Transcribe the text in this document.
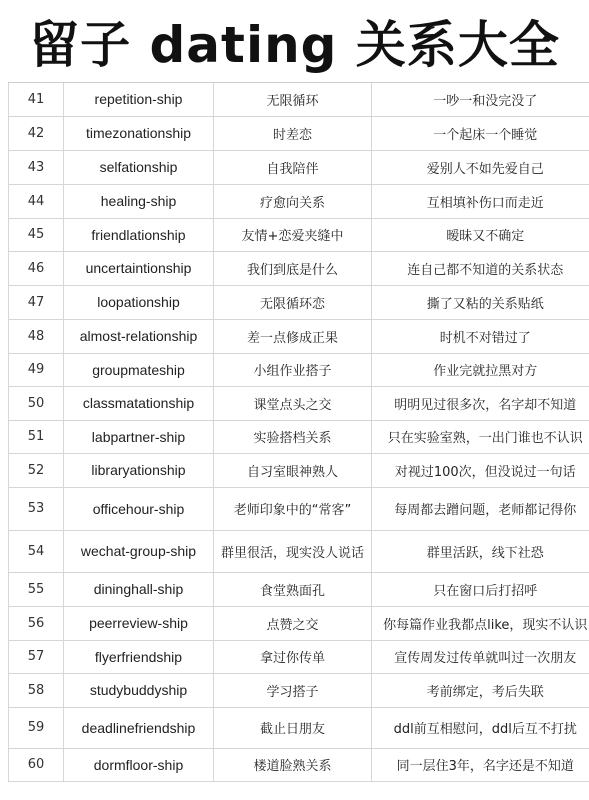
留子 dating 关系大全
41	repetition-ship	无限循环	一吵一和没完没了
42	timezonationship	时差恋	一个起床一个睡觉
43	selfationship	自我陪伴	爱别人不如先爱自己
44	healing-ship	疗愈向关系	互相填补伤口而走近
45	friendlationship	友情+恋爱夹缝中	暧昧又不确定
46	uncertaintionship	我们到底是什么	连自己都不知道的关系状态
47	loopationship	无限循环恋	撕了又粘的关系贴纸
48	almost-relationship	差一点修成正果	时机不对错过了
49	groupmateship	小组作业搭子	作业完就拉黑对方
50	classmatationship	课堂点头之交	明明见过很多次，名字却不知道
51	labpartner-ship	实验搭档关系	只在实验室熟，一出门谁也不认识
52	libraryationship	自习室眼神熟人	对视过100次，但没说过一句话
53	officehour-ship	老师印象中的“常客”	每周都去蹭问题，老师都记得你
54	wechat-group-ship	群里很活，现实没人说话	群里活跃，线下社恐
55	dininghall-ship	食堂熟面孔	只在窗口后打招呼
56	peerreview-ship	点赞之交	你每篇作业我都点like，现实不认识
57	flyerfriendship	拿过你传单	宣传周发过传单就叫过一次朋友
58	studybuddyship	学习搭子	考前绑定，考后失联
59	deadlinefriendship	截止日朋友	ddl前互相慰问，ddl后互不打扰
60	dormfloor-ship	楼道脸熟关系	同一层住3年，名字还是不知道
